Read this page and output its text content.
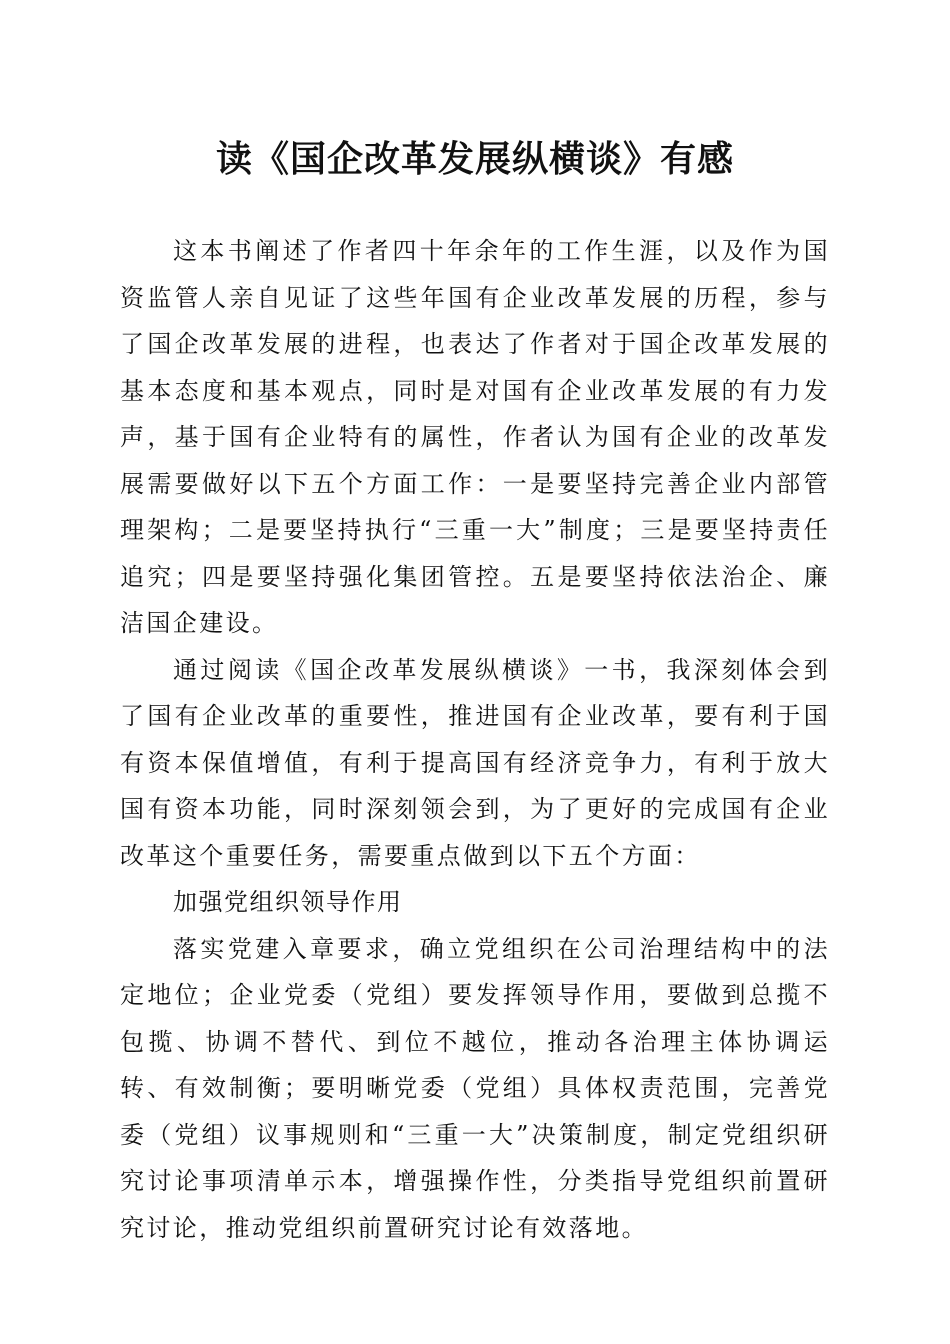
读《国企改革发展纵横谈》有感

这本书阐述了作者四十年余年的工作生涯，以及作为国资监管人亲自见证了这些年国有企业改革发展的历程，参与了国企改革发展的进程，也表达了作者对于国企改革发展的基本态度和基本观点，同时是对国有企业改革发展的有力发声，基于国有企业特有的属性，作者认为国有企业的改革发展需要做好以下五个方面工作：一是要坚持完善企业内部管理架构；二是要坚持执行“三重一大”制度；三是要坚持责任追究；四是要坚持强化集团管控。五是要坚持依法治企、廉洁国企建设。

通过阅读《国企改革发展纵横谈》一书，我深刻体会到了国有企业改革的重要性，推进国有企业改革，要有利于国有资本保值增值，有利于提高国有经济竞争力，有利于放大国有资本功能，同时深刻领会到，为了更好的完成国有企业改革这个重要任务，需要重点做到以下五个方面：

加强党组织领导作用

落实党建入章要求，确立党组织在公司治理结构中的法定地位；企业党委（党组）要发挥领导作用，要做到总揽不包揽、协调不替代、到位不越位，推动各治理主体协调运转、有效制衡；要明晰党委（党组）具体权责范围，完善党委（党组）议事规则和“三重一大”决策制度，制定党组织研究讨论事项清单示本，增强操作性，分类指导党组织前置研究讨论，推动党组织前置研究讨论有效落地。
